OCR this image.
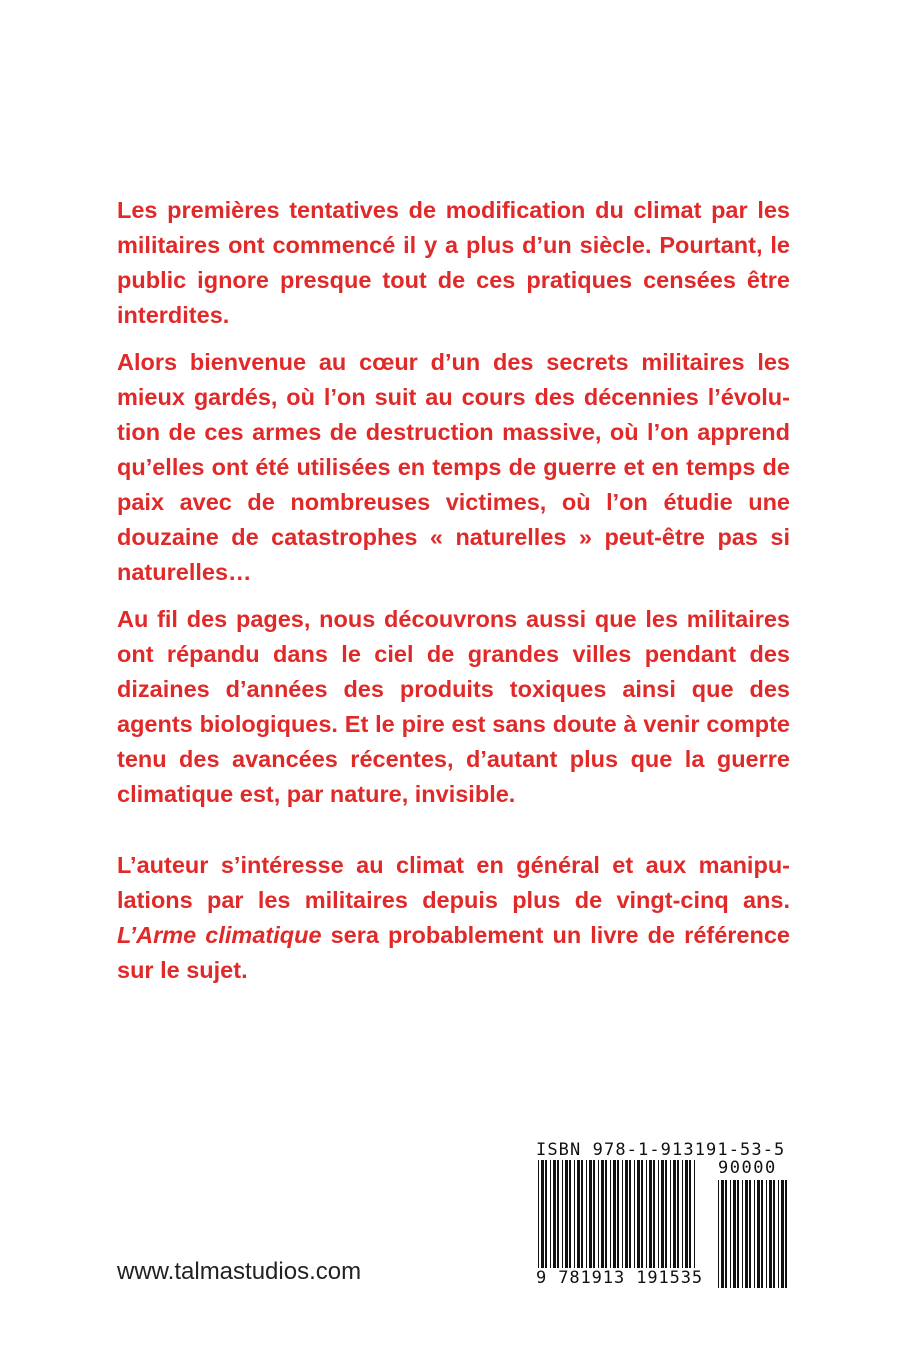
Les premières tentatives de modification du climat par les militaires ont commencé il y a plus d’un siècle. Pourtant, le public ignore presque tout de ces pratiques censées être interdites.

Alors bienvenue au cœur d’un des secrets militaires les mieux gardés, où l’on suit au cours des décennies l’évolution de ces armes de destruction massive, où l’on apprend qu’elles ont été utilisées en temps de guerre et en temps de paix avec de nombreuses victimes, où l’on étudie une douzaine de catastrophes « naturelles » peut-être pas si naturelles…

Au fil des pages, nous découvrons aussi que les militaires ont répandu dans le ciel de grandes villes pendant des dizaines d’années des produits toxiques ainsi que des agents biologiques. Et le pire est sans doute à venir compte tenu des avancées récentes, d’autant plus que la guerre climatique est, par nature, invisible.

L’auteur s’intéresse au climat en général et aux manipulations par les militaires depuis plus de vingt-cinq ans. L’Arme climatique sera probablement un livre de référence sur le sujet.

www.talmastudios.com
ISBN 978-1-913191-53-5
90000
9 781913 191535
